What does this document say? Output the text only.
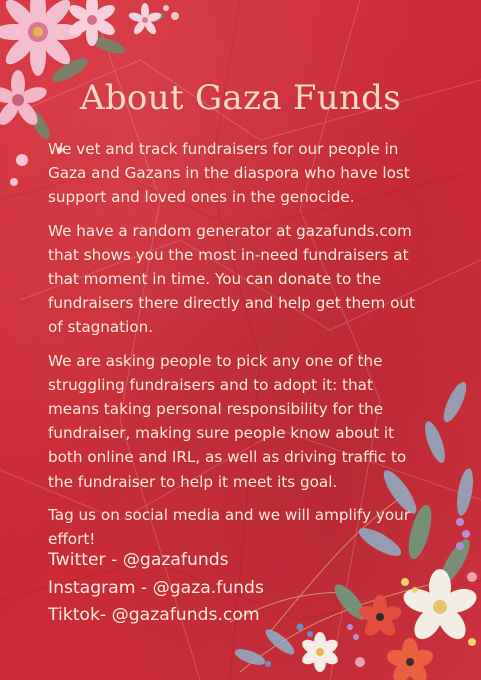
About Gaza Funds

We vet and track fundraisers for our people in Gaza and Gazans in the diaspora who have lost support and loved ones in the genocide.

We have a random generator at gazafunds.com that shows you the most in-need fundraisers at that moment in time. You can donate to the fundraisers there directly and help get them out of stagnation.

We are asking people to pick any one of the struggling fundraisers and to adopt it: that means taking personal responsibility for the fundraiser, making sure people know about it both online and IRL, as well as driving traffic to the fundraiser to help it meet its goal.

Tag us on social media and we will amplify your effort!

Twitter - @gazafunds
Instagram - @gaza.funds
Tiktok- @gazafunds.com
